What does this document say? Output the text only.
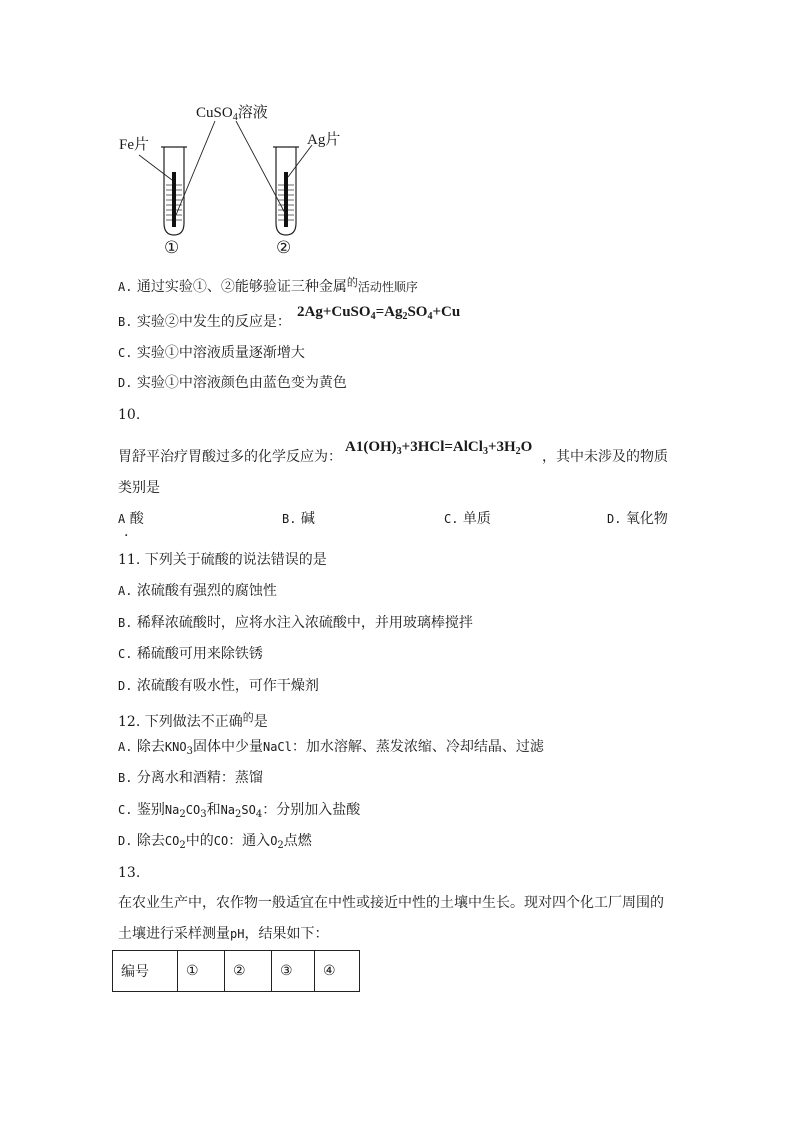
CuSO$_4$溶液
Fe片	Ag片
①	②
A. 通过实验①、②能够验证三种金属$^的$活动性顺序
B. 实验②中发生的反应是：
$2Ag+CuSO_4=Ag_2SO_4+Cu$
C. 实验①中溶液质量逐渐增大
D. 实验①中溶液颜色由蓝色变为黄色
10.
胃舒平治疗胃酸过多的化学反应为：
$A1(OH)_3+3HCl=AlCl_3+3H_2O$
，其中未涉及的物质
类别是
A 酸
.
B. 碱	C. 单质	D. 氧化物
11. 下列关于硫酸的说法错误的是
A. 浓硫酸有强烈的腐蚀性
B. 稀释浓硫酸时，应将水注入浓硫酸中，并用玻璃棒搅拌
C. 稀硫酸可用来除铁锈
D. 浓硫酸有吸水性，可作干燥剂
12. 下列做法不正确$^的$是
A. 除去$KNO_3$固体中少量NaCl：加水溶解、蒸发浓缩、冷却结晶、过滤
B. 分离水和酒精：蒸馏
C. 鉴别$Na_2CO_3$和$Na_2SO_4$：分别加入盐酸
D. 除去$CO_2$中的CO：通入$O_2$点燃
13.
在农业生产中，农作物一般适宜在中性或接近中性的土壤中生长。现对四个化工厂周围的
土壤进行采样测量pH，结果如下：
编号	①	②	③	④
